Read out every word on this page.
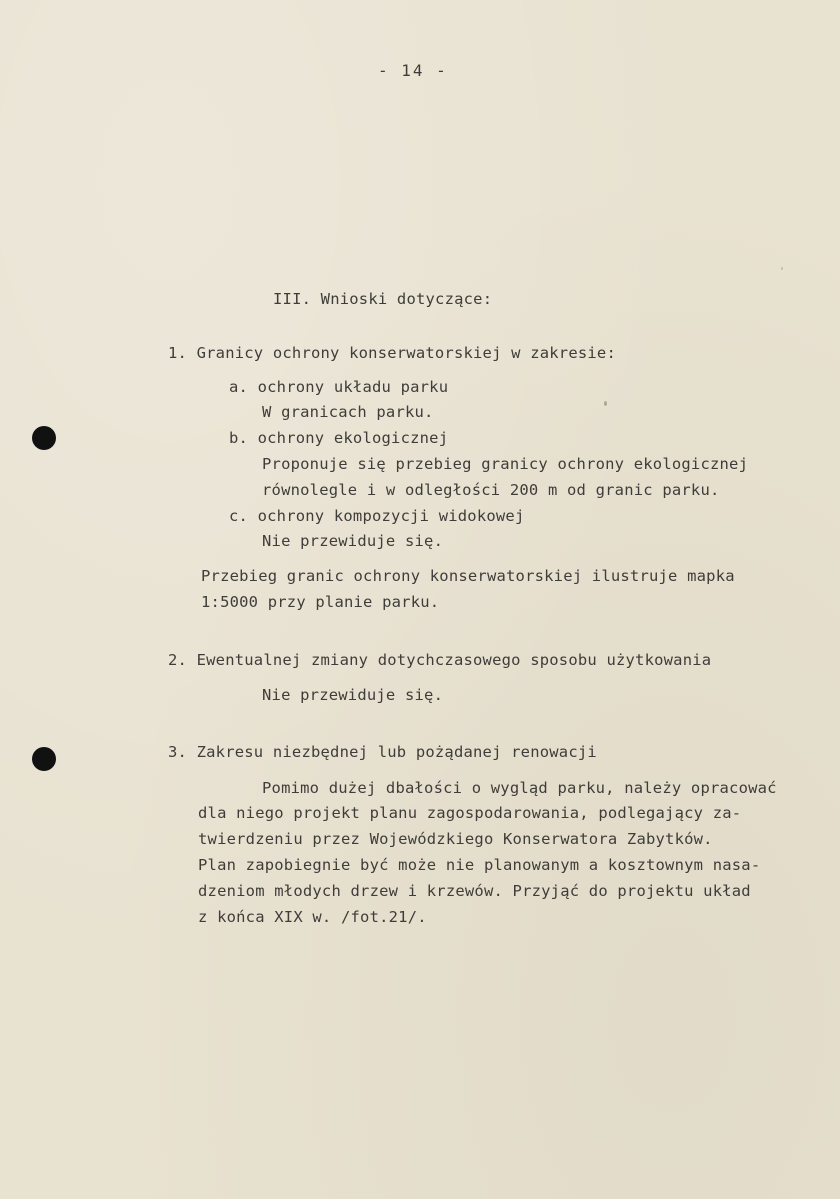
- 14 -
III. Wnioski dotyczące:
1. Granicy ochrony konserwatorskiej w zakresie:
a. ochrony układu parku
W granicach parku.
b. ochrony ekologicznej
Proponuje się przebieg granicy ochrony ekologicznej
równolegle i w odległości 200 m od granic parku.
c. ochrony kompozycji widokowej
Nie przewiduje się.
Przebieg granic ochrony konserwatorskiej ilustruje mapka
1:5000 przy planie parku.
2. Ewentualnej zmiany dotychczasowego sposobu użytkowania
Nie przewiduje się.
3. Zakresu niezbędnej lub pożądanej renowacji
Pomimo dużej dbałości o wygląd parku, należy opracować
dla niego projekt planu zagospodarowania, podlegający za-
twierdzeniu przez Wojewódzkiego Konserwatora Zabytków.
Plan zapobiegnie być może nie planowanym a kosztownym nasa-
dzeniom młodych drzew i krzewów. Przyjąć do projektu układ
z końca XIX w. /fot.21/.
